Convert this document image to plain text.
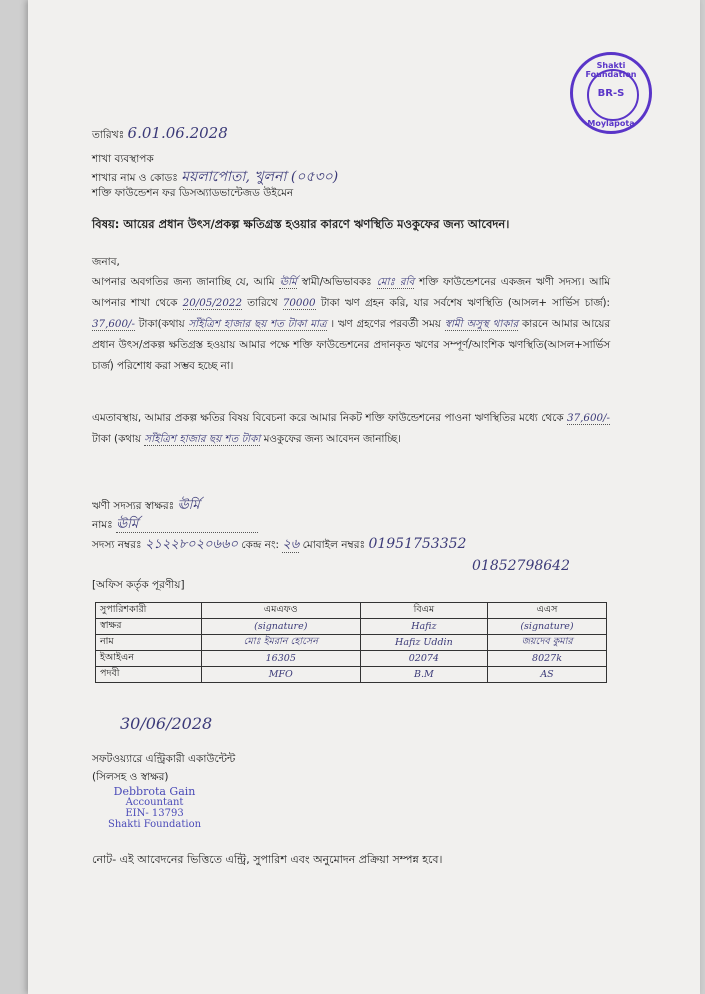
Shakti Foundation
BR-S
Moylapota
তারিখঃ 6.01.06.2028
শাখা ব্যবস্থাপক
শাখার নাম ও কোডঃ ময়লাপোতা, খুলনা (০৫৩০)
শক্তি ফাউন্ডেশন ফর ডিসঅ্যাডভান্টেজড উইমেন
বিষয়: আয়ের প্রধান উৎস/প্রকল্প ক্ষতিগ্রস্ত হওয়ার কারণে ঋণস্থিতি মওকুফের জন্য আবেদন।
জনাব,
আপনার অবগতির জন্য জানাচ্ছি যে, আমি ঊর্মি স্বামী/অভিভাবকঃ মোঃ রবি শক্তি ফাউন্ডেশনের একজন ঋণী সদস্য। আমি আপনার শাখা থেকে 20/05/2022 তারিখে 70000 টাকা ঋণ গ্রহন করি, যার সর্বশেষ ঋণস্থিতি (আসল+ সার্ভিস চার্জ): 37,600/- টাকা(কথায় সাঁইত্রিশ হাজার ছয় শত টাকা মাত্র । ঋণ গ্রহণের পরবর্তী সময় স্বামী অসুস্থ থাকার কারনে আমার আয়ের প্রধান উৎস/প্রকল্প ক্ষতিগ্রস্ত হওয়ায় আমার পক্ষে শক্তি ফাউন্ডেশনের প্রদানকৃত ঋণের সম্পূর্ণ/আংশিক ঋণস্থিতি(আসল+সার্ভিস চার্জ) পরিশোধ করা সম্ভব হচ্ছে না।
এমতাবস্থায়, আমার প্রকল্প ক্ষতির বিষয় বিবেচনা করে আমার নিকট শক্তি ফাউন্ডেশনের পাওনা ঋণস্থিতির মধ্যে থেকে 37,600/- টাকা (কথায় সাঁইত্রিশ হাজার ছয় শত টাকা মওকুফের জন্য আবেদন জানাচ্ছি।
ঋণী সদস্যর স্বাক্ষরঃ ঊর্মি
নামঃ ঊর্মি
সদস্য নম্বরঃ ২১২২৮০২০৬৬০ কেন্দ্র নং: ২৬ মোবাইল নম্বরঃ 01951753352
01852798642
[অফিস কর্তৃক পূরণীয়]
সুপারিশকারী	এমএফও	বিএম	এএস
স্বাক্ষর	(signature)	Hafiz	(signature)
নাম	মোঃ ইমরান হোসেন	Hafiz Uddin	জয়দেব কুমার
ইআইএন	16305	02074	8027k
পদবী	MFO	B.M	AS
30/06/2028
সফটওয়্যারে এন্ট্রিকারী একাউন্টেন্ট
(সিলসহ ও স্বাক্ষর)
Debbrota Gain
Accountant
EIN- 13793
Shakti Foundation
নোট- এই আবেদনের ভিত্তিতে এন্ট্রি, সুপারিশ এবং অনুমোদন প্রক্রিয়া সম্পন্ন হবে।
